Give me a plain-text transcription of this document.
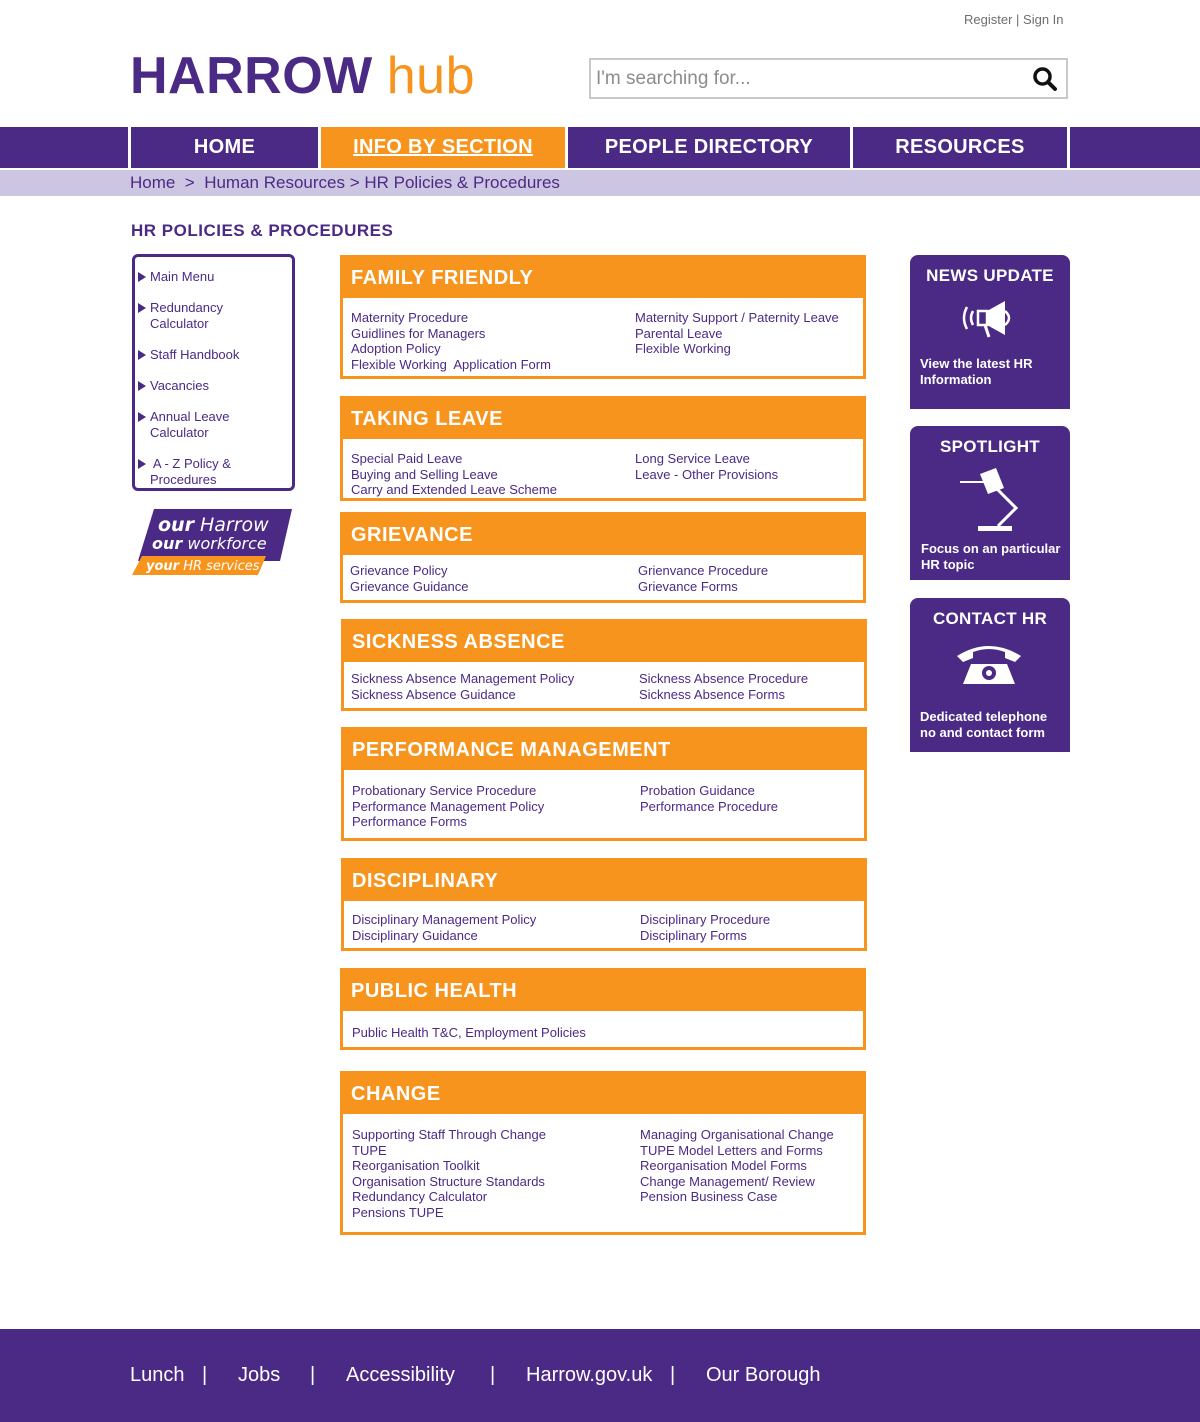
Register | Sign In
HARROW hub
I'm searching for...
HOME	INFO BY SECTION	PEOPLE DIRECTORY	RESOURCES
Home  >  Human Resources > HR Policies & Procedures
HR POLICIES & PROCEDURES
Main Menu
Redundancy
Calculator
Staff Handbook
Vacancies
Annual Leave
Calculator
A - Z Policy &
Procedures
our Harrow
our workforce
your HR services
FAMILY FRIENDLY
Maternity Procedure
Guidlines for Managers
Adoption Policy
Flexible Working  Application Form
Maternity Support / Paternity Leave
Parental Leave
Flexible Working
TAKING LEAVE
Special Paid Leave
Buying and Selling Leave
Carry and Extended Leave Scheme
Long Service Leave
Leave - Other Provisions
GRIEVANCE
Grievance Policy
Grievance Guidance
Grienvance Procedure
Grievance Forms
SICKNESS ABSENCE
Sickness Absence Management Policy
Sickness Absence Guidance
Sickness Absence Procedure
Sickness Absence Forms
PERFORMANCE MANAGEMENT
Probationary Service Procedure
Performance Management Policy
Performance Forms
Probation Guidance
Performance Procedure
DISCIPLINARY
Disciplinary Management Policy
Disciplinary Guidance
Disciplinary Procedure
Disciplinary Forms
PUBLIC HEALTH
Public Health T&C, Employment Policies
CHANGE
Supporting Staff Through Change
TUPE
Reorganisation Toolkit
Organisation Structure Standards
Redundancy Calculator
Pensions TUPE
Managing Organisational Change
TUPE Model Letters and Forms
Reorganisation Model Forms
Change Management/ Review
Pension Business Case
NEWS UPDATE
View the latest HR
Information
SPOTLIGHT
Focus on an particular
HR topic
CONTACT HR
Dedicated telephone
no and contact form
Lunch | Jobs | Accessibility | Harrow.gov.uk | Our Borough
